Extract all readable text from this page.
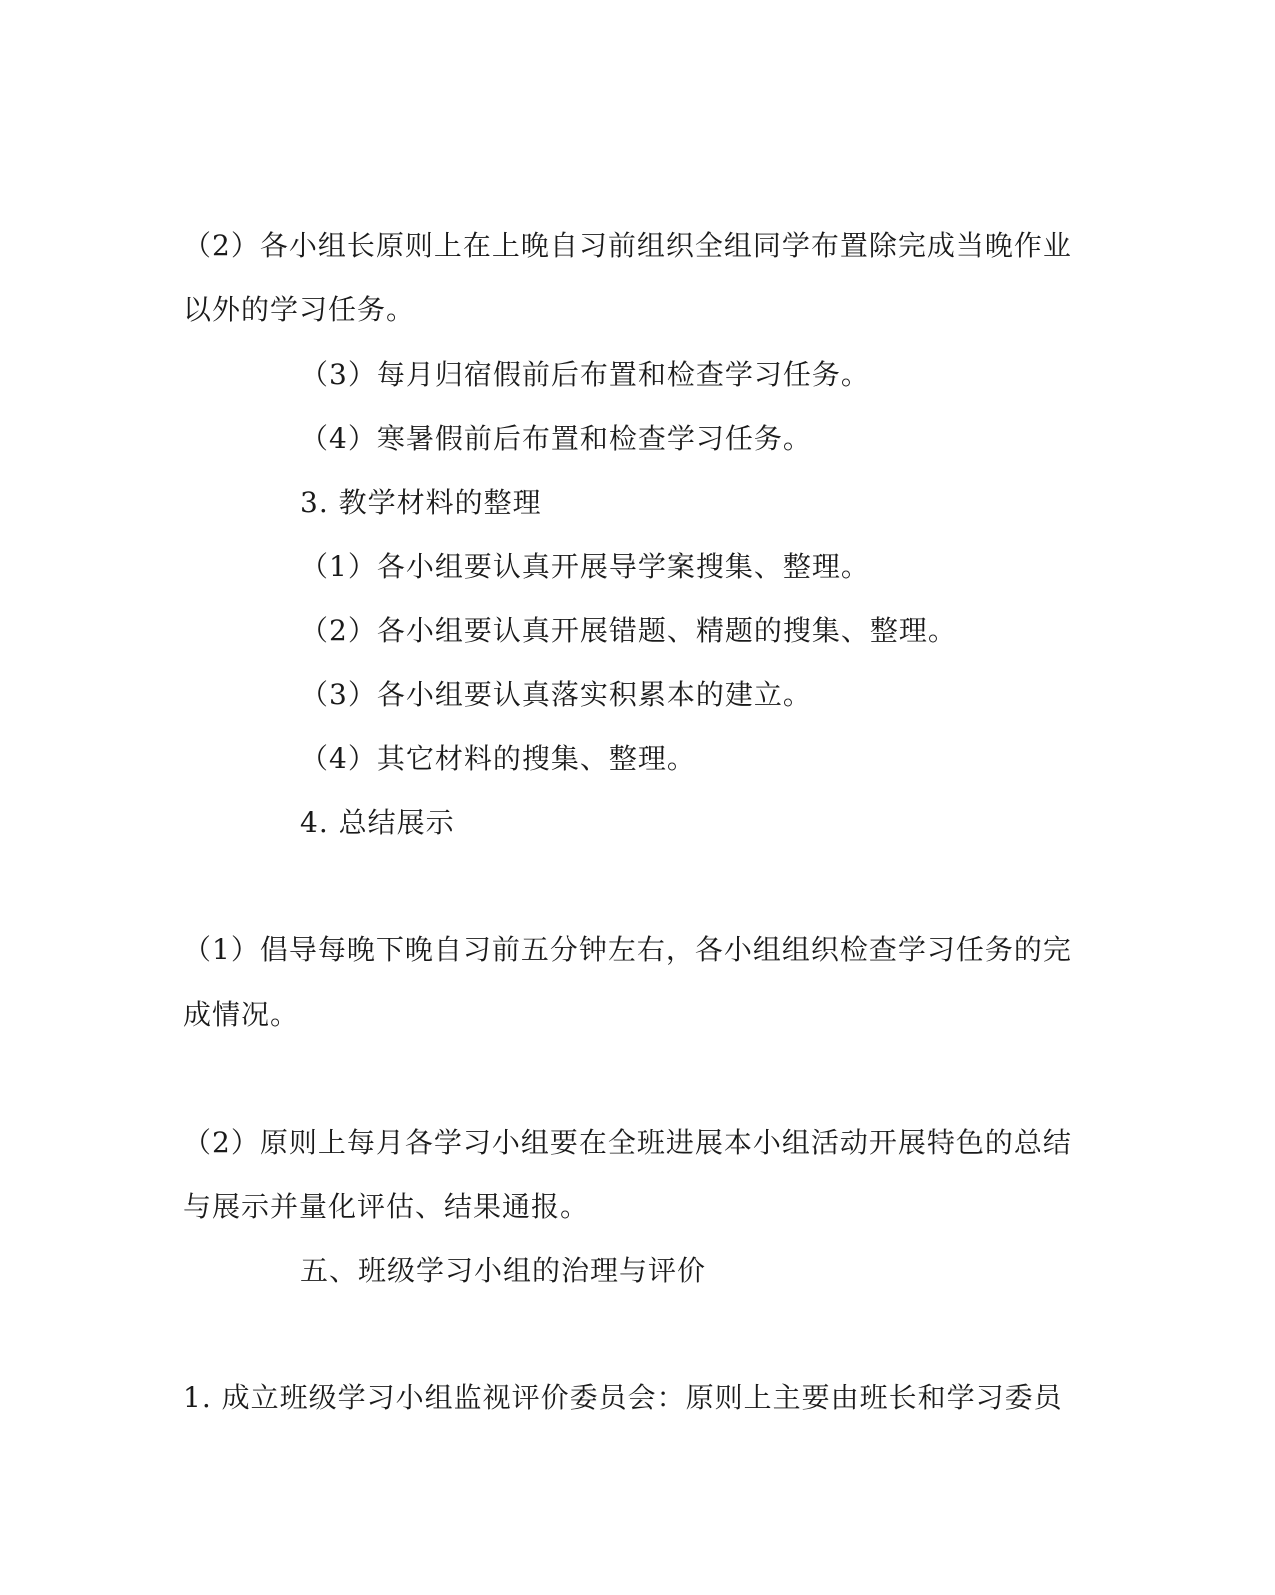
（2）各小组长原则上在上晚自习前组织全组同学布置除完成当晚作业
以外的学习任务。
（3）每月归宿假前后布置和检查学习任务。
（4）寒暑假前后布置和检查学习任务。
3. 教学材料的整理
（1）各小组要认真开展导学案搜集、整理。
（2）各小组要认真开展错题、精题的搜集、整理。
（3）各小组要认真落实积累本的建立。
（4）其它材料的搜集、整理。
4. 总结展示
（1）倡导每晚下晚自习前五分钟左右，各小组组织检查学习任务的完
成情况。
（2）原则上每月各学习小组要在全班进展本小组活动开展特色的总结
与展示并量化评估、结果通报。
五、班级学习小组的治理与评价
1. 成立班级学习小组监视评价委员会：原则上主要由班长和学习委员
